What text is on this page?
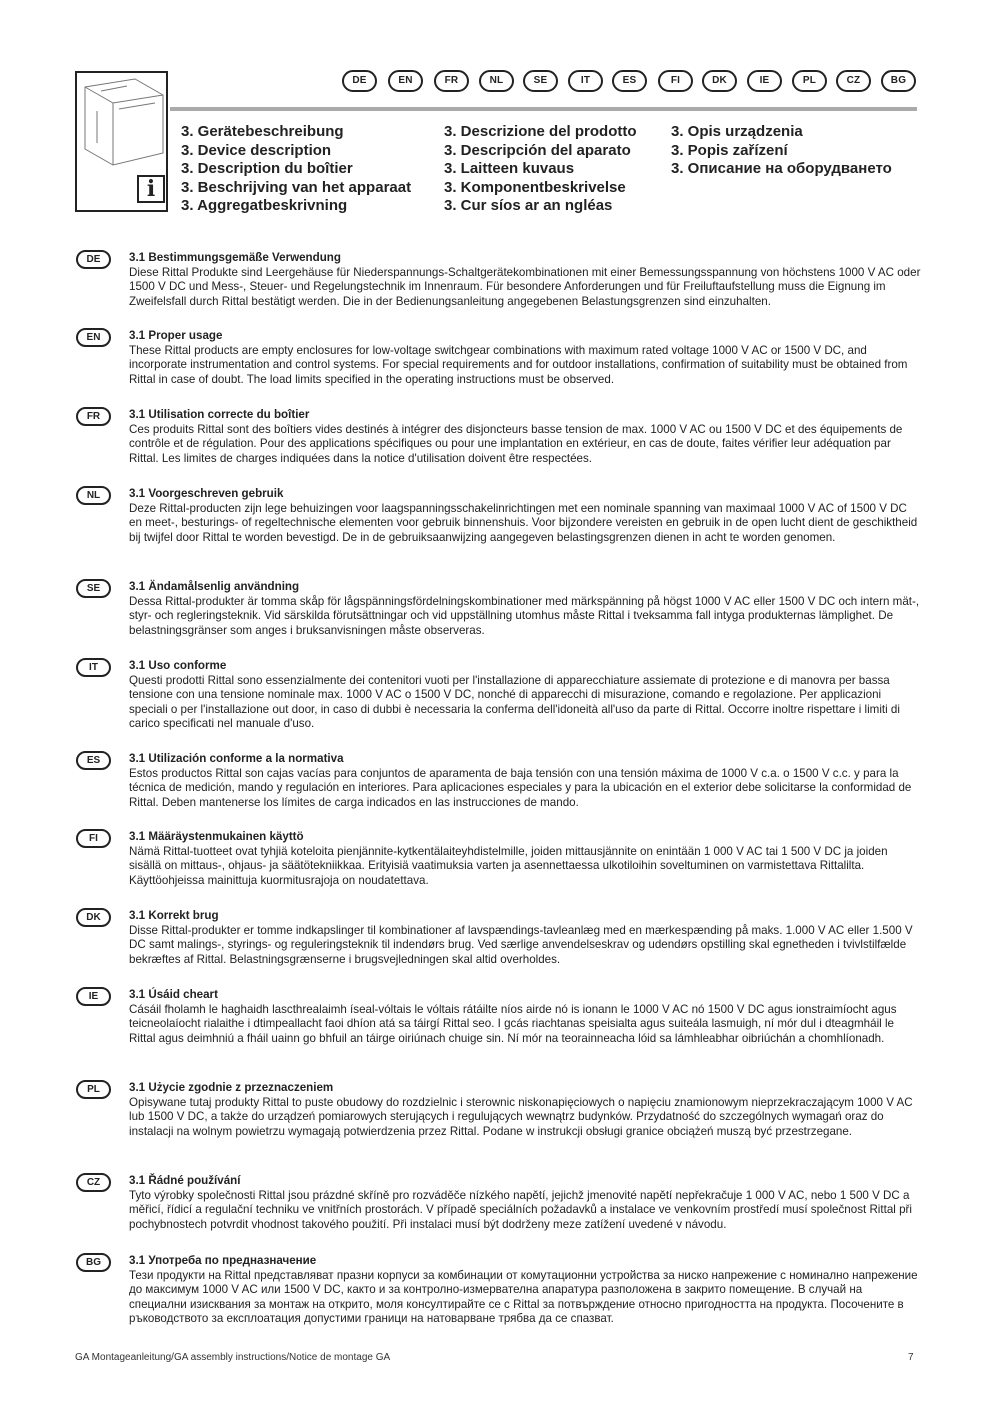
i
DE	EN	FR	NL	SE	IT	ES	FI	DK	IE	PL	CZ	BG
3. Gerätebeschreibung
3. Device description
3. Description du boîtier
3. Beschrijving van het apparaat
3. Aggregatbeskrivning
3. Descrizione del prodotto
3. Descripción del aparato
3. Laitteen kuvaus
3. Komponentbeskrivelse
3. Cur síos ar an ngléas
3. Opis urządzenia
3. Popis zařízení
3. Описание на оборудването
DE	3.1 Bestimmungsgemäße Verwendung

Diese Rittal Produkte sind Leergehäuse für Niederspannungs-Schaltgerätekombinationen mit einer Bemessungsspannung von höchstens 1000 V AC oder 1500 V DC und Mess-, Steuer- und Regelungstechnik im Innenraum. Für besondere Anforderungen und für Freiluftaufstellung muss die Eignung im Zweifelsfall durch Rittal bestätigt werden. Die in der Bedienungsanleitung angegebenen Belastungsgrenzen sind einzuhalten.

EN	3.1 Proper usage

These Rittal products are empty enclosures for low-voltage switchgear combinations with maximum rated voltage 1000 V AC or 1500 V DC, and incorporate instrumentation and control systems. For special requirements and for outdoor installations, confirmation of suitability must be obtained from Rittal in case of doubt. The load limits specified in the operating instructions must be observed.

FR	3.1 Utilisation correcte du boîtier

Ces produits Rittal sont des boîtiers vides destinés à intégrer des disjoncteurs basse tension de max. 1000 V AC ou 1500 V DC et des équipements de contrôle et de régulation. Pour des applications spécifiques ou pour une implantation en extérieur, en cas de doute, faites vérifier leur adéquation par Rittal. Les limites de charges indiquées dans la notice d'utilisation doivent être respectées.

NL	3.1 Voorgeschreven gebruik

Deze Rittal-producten zijn lege behuizingen voor laagspanningsschakelinrichtingen met een nominale spanning van maximaal 1000 V AC of 1500 V DC en meet-, besturings- of regeltechnische elementen voor gebruik binnenshuis. Voor bijzondere vereisten en gebruik in de open lucht dient de geschiktheid bij twijfel door Rittal te worden bevestigd. De in de gebruiksaanwijzing aangegeven belastingsgrenzen dienen in acht te worden genomen.

SE	3.1 Ändamålsenlig användning

Dessa Rittal-produkter är tomma skåp för lågspänningsfördelningskombinationer med märkspänning på högst 1000 V AC eller 1500 V DC och intern mät-, styr- och regleringsteknik. Vid särskilda förutsättningar och vid uppställning utomhus måste Rittal i tveksamma fall intyga produkternas lämplighet. De belastningsgränser som anges i bruksanvisningen måste observeras.

IT	3.1 Uso conforme

Questi prodotti Rittal sono essenzialmente dei contenitori vuoti per l'installazione di apparecchiature assiemate di protezione e di manovra per bassa tensione con una tensione nominale max. 1000 V AC o 1500 V DC, nonché di apparecchi di misurazione, comando e regolazione. Per applicazioni speciali o per l'installazione out door, in caso di dubbi è necessaria la conferma dell'idoneità all'uso da parte di Rittal. Occorre inoltre rispettare i limiti di carico specificati nel manuale d'uso.

ES	3.1 Utilización conforme a la normativa

Estos productos Rittal son cajas vacías para conjuntos de aparamenta de baja tensión con una tensión máxima de 1000 V c.a. o 1500 V c.c. y para la técnica de medición, mando y regulación en interiores. Para aplicaciones especiales y para la ubicación en el exterior debe solicitarse la conformidad de Rittal. Deben mantenerse los límites de carga indicados en las instrucciones de mando.

FI	3.1 Määräystenmukainen käyttö

Nämä Rittal-tuotteet ovat tyhjiä koteloita pienjännite-kytkentälaiteyhdistelmille, joiden mittausjännite on enintään 1 000 V AC tai 1 500 V DC ja joiden sisällä on mittaus-, ohjaus- ja säätötekniikkaa. Erityisiä vaatimuksia varten ja asennettaessa ulkotiloihin soveltuminen on varmistettava Rittalilta. Käyttöohjeissa mainittuja kuormitusrajoja on noudatettava.

DK	3.1 Korrekt brug

Disse Rittal-produkter er tomme indkapslinger til kombinationer af lavspændings-tavleanlæg med en mærkespænding på maks. 1.000 V AC eller 1.500 V DC samt malings-, styrings- og reguleringsteknik til indendørs brug. Ved særlige anvendelseskrav og udendørs opstilling skal egnetheden i tvivlstilfælde bekræftes af Rittal. Belastningsgrænserne i brugsvejledningen skal altid overholdes.

IE	3.1 Úsáid cheart

Cásáil fholamh le haghaidh lascthrealaimh íseal-vóltais le vóltais rátáilte níos airde nó is ionann le 1000 V AC nó 1500 V DC agus ionstraimíocht agus teicneolaíocht rialaithe i dtimpeallacht faoi dhíon atá sa táirgí Rittal seo. I gcás riachtanas speisialta agus suiteála lasmuigh, ní mór dul i dteagmháil le Rittal agus deimhniú a fháil uainn go bhfuil an táirge oiriúnach chuige sin. Ní mór na teorainneacha lóid sa lámhleabhar oibriúchán a chomhlíonadh.

PL	3.1 Użycie zgodnie z przeznaczeniem

Opisywane tutaj produkty Rittal to puste obudowy do rozdzielnic i sterownic niskonapięciowych o napięciu znamionowym nieprzekraczającym 1000 V AC lub 1500 V DC, a także do urządzeń pomiarowych sterujących i regulujących wewnątrz budynków. Przydatność do szczególnych wymagań oraz do instalacji na wolnym powietrzu wymagają potwierdzenia przez Rittal. Podane w instrukcji obsługi granice obciążeń muszą być przestrzegane.

CZ	3.1 Řádné používání

Tyto výrobky společnosti Rittal jsou prázdné skříně pro rozváděče nízkého napětí, jejichž jmenovité napětí nepřekračuje 1 000 V AC, nebo 1 500 V DC a měřicí, řídicí a regulační techniku ve vnitřních prostorách. V případě speciálních požadavků a instalace ve venkovním prostředí musí společnost Rittal při pochybnostech potvrdit vhodnost takového použití. Při instalaci musí být dodrženy meze zatížení uvedené v návodu.

BG	3.1 Употреба по предназначение

Тези продукти на Rittal представляват празни корпуси за комбинации от комутационни устройства за ниско напрежение с номинално напрежение до максимум 1000 V AC или 1500 V DC, както и за контролно-измервателна апаратура разположена в закрито помещение. В случай на специални изисквания за монтаж на открито, моля консултирайте се с Rittal за потвърждение относно пригодността на продукта. Посочените в ръководството за експлоатация допустими граници на натоварване трябва да се спазват.

GA Montageanleitung/GA assembly instructions/Notice de montage GA	7
